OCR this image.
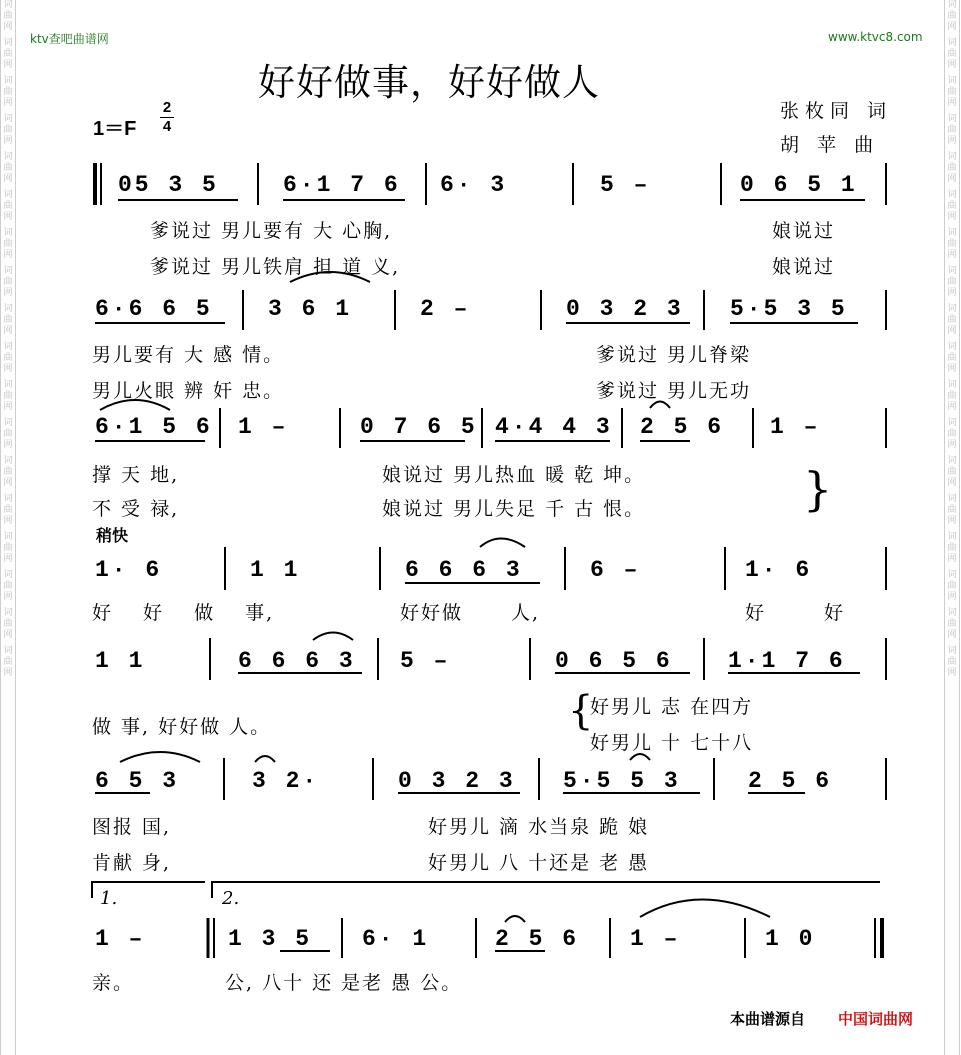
词
曲
网
词
曲
网
词
曲
网
词
曲
网
词
曲
网
词
曲
网
词
曲
网
词
曲
网
词
曲
网
词
曲
网
词
曲
网
词
曲
网
词
曲
网
词
曲
网
词
曲
网
词
曲
网
词
曲
网
词
曲
网
词
曲
网
词
曲
网
词
曲
网
词
曲
网
词
曲
网
词
曲
网
词
曲
网
词
曲
网
词
曲
网
词
曲
网
词
曲
网
词
曲
网
词
曲
网
词
曲
网
词
曲
网
词
曲
网
词
曲
网
词
曲
网
ktv查吧曲谱网	www.ktvc8.com
好好做事，好好做人
张枚同 词
胡 苹 曲
1＝F
2
4
稍快
05 3 5	6·1 7 6 6· 3	5 –	0 6 5 1
爹说过 男儿要有 大 心胸,	娘说过
爹说过 男儿铁肩 担 道 义,	娘说过
6·6 6 5 3 6 1	2 –	0 3 2 3 5·5 3 5
男儿要有 大 感 情。	爹说过 男儿脊梁
男儿火眼 辨 奸 忠。	爹说过 男儿无功
6·1 5 6 1 –	0 7 6 5 4·4 4 3 2 5 6 1 –
撑 天 地,	娘说过 男儿热血 暖 乾 坤。
不 受 禄,	娘说过 男儿失足 千 古 恨。	}
1· 6	1 1	6 6 6 3	6 –	1· 6
好 好 做 事,	好好做 人,	好 好
1 1	6 6 6 3 5 –	0 6 5 6 1·1 7 6
做 事, 好好做 人。	{
好男儿 志 在四方
好男儿 十 七十八
6 5 3	3 2·	0 3 2 3 5·5 5 3	2 5 6
图报 国,	好男儿 滴 水当泉 跪 娘
肯献 身,	好男儿 八 十还是 老 愚
1.	2.
1 –	1 3 5 6· 1	2 5 6 1 –	1 0
亲。	公, 八十 还 是老 愚 公。
本曲谱源自 中国词曲网
